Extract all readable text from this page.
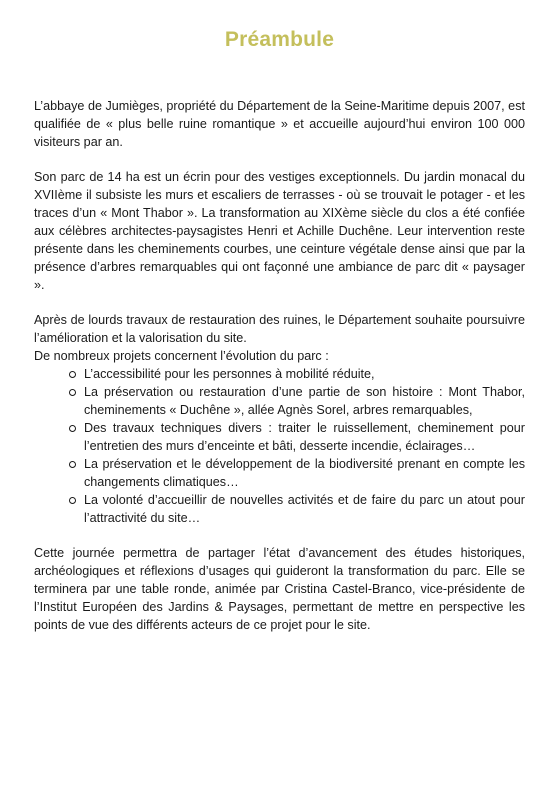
Préambule

L’abbaye de Jumièges, propriété du Département de la Seine-Maritime depuis 2007, est qualifiée de « plus belle ruine romantique » et accueille aujourd’hui environ 100 000 visiteurs par an.

Son parc de 14 ha est un écrin pour des vestiges exceptionnels. Du jardin monacal du XVIIème il subsiste les murs et escaliers de terrasses - où se trouvait le potager - et les traces d’un « Mont Thabor ». La transformation au XIXème siècle du clos a été confiée aux célèbres architectes-paysagistes Henri et Achille Duchêne. Leur intervention reste présente dans les cheminements courbes, une ceinture végétale dense ainsi que par la présence d’arbres remarquables qui ont façonné une ambiance de parc dit « paysager ».

Après de lourds travaux de restauration des ruines, le Département souhaite poursuivre l’amélioration et la valorisation du site.

De nombreux projets concernent l’évolution du parc :

L’accessibilité pour les personnes à mobilité réduite,
La préservation ou restauration d’une partie de son histoire : Mont Thabor, cheminements « Duchêne », allée Agnès Sorel, arbres remarquables,
Des travaux techniques divers : traiter le ruissellement, cheminement pour l’entretien des murs d’enceinte et bâti, desserte incendie, éclairages…
La préservation et le développement de la biodiversité prenant en compte les changements climatiques…
La volonté d’accueillir de nouvelles activités et de faire du parc un atout pour l’attractivité du site…

Cette journée permettra de partager l’état d’avancement des études historiques, archéologiques et réflexions d’usages qui guideront la transformation du parc. Elle se terminera par une table ronde, animée par Cristina Castel-Branco, vice-présidente de l’Institut Européen des Jardins & Paysages, permettant de mettre en perspective les points de vue des différents acteurs de ce projet pour le site.
